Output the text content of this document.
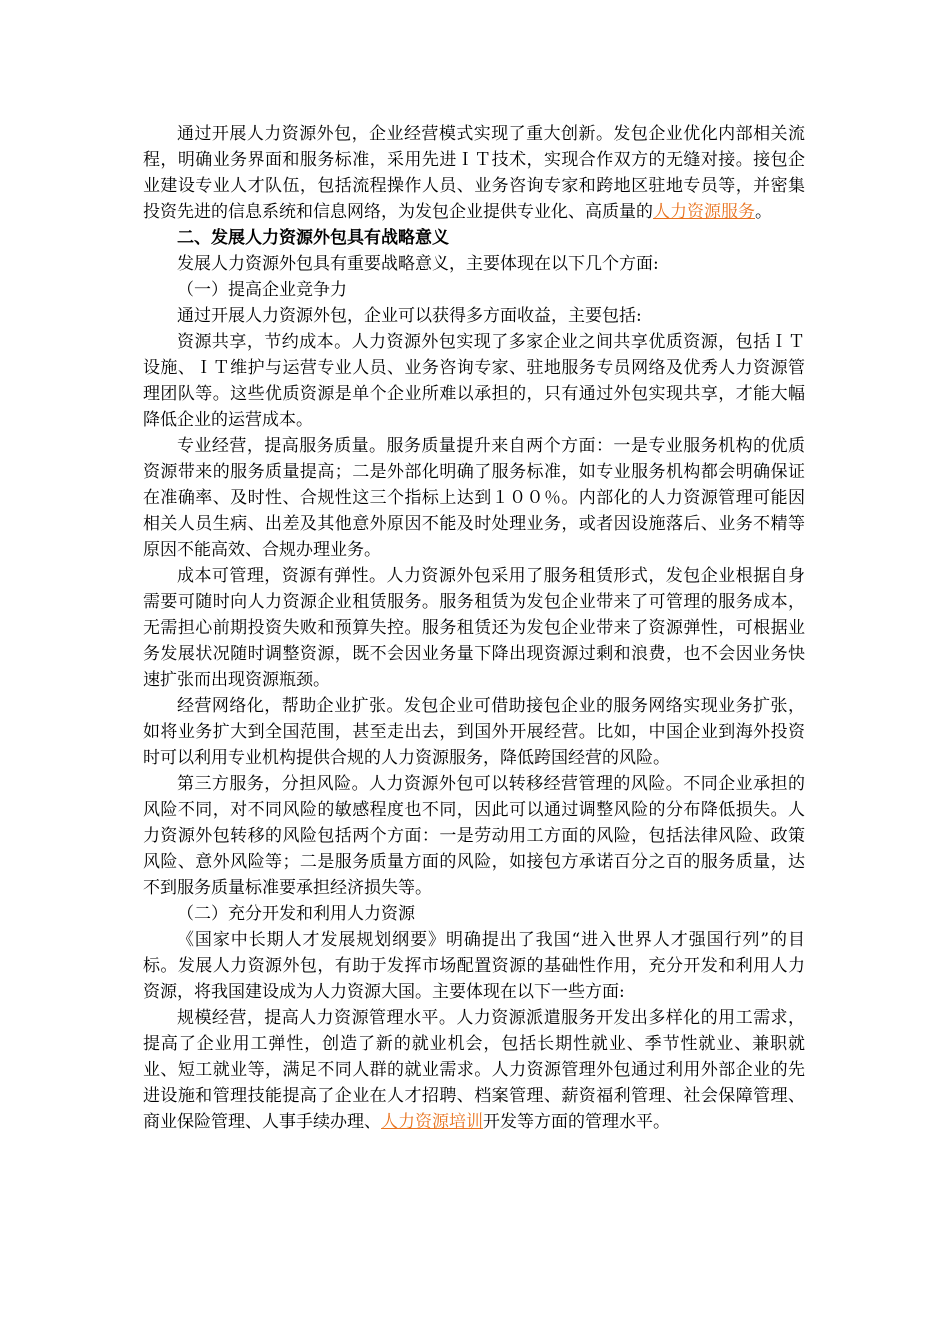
通过开展人力资源外包，企业经营模式实现了重大创新。发包企业优化内部相关流程，明确业务界面和服务标准，采用先进ＩＴ技术，实现合作双方的无缝对接。接包企业建设专业人才队伍，包括流程操作人员、业务咨询专家和跨地区驻地专员等，并密集投资先进的信息系统和信息网络，为发包企业提供专业化、高质量的人力资源服务。

二、发展人力资源外包具有战略意义

发展人力资源外包具有重要战略意义，主要体现在以下几个方面:

（一）提高企业竞争力

通过开展人力资源外包，企业可以获得多方面收益，主要包括:

资源共享，节约成本。人力资源外包实现了多家企业之间共享优质资源，包括ＩＴ设施、ＩＴ维护与运营专业人员、业务咨询专家、驻地服务专员网络及优秀人力资源管理团队等。这些优质资源是单个企业所难以承担的，只有通过外包实现共享，才能大幅降低企业的运营成本。

专业经营，提高服务质量。服务质量提升来自两个方面：一是专业服务机构的优质资源带来的服务质量提高；二是外部化明确了服务标准，如专业服务机构都会明确保证在准确率、及时性、合规性这三个指标上达到１００％。内部化的人力资源管理可能因相关人员生病、出差及其他意外原因不能及时处理业务，或者因设施落后、业务不精等原因不能高效、合规办理业务。

成本可管理，资源有弹性。人力资源外包采用了服务租赁形式，发包企业根据自身需要可随时向人力资源企业租赁服务。服务租赁为发包企业带来了可管理的服务成本，无需担心前期投资失败和预算失控。服务租赁还为发包企业带来了资源弹性，可根据业务发展状况随时调整资源，既不会因业务量下降出现资源过剩和浪费，也不会因业务快速扩张而出现资源瓶颈。

经营网络化，帮助企业扩张。发包企业可借助接包企业的服务网络实现业务扩张，如将业务扩大到全国范围，甚至走出去，到国外开展经营。比如，中国企业到海外投资时可以利用专业机构提供合规的人力资源服务，降低跨国经营的风险。

第三方服务，分担风险。人力资源外包可以转移经营管理的风险。不同企业承担的风险不同，对不同风险的敏感程度也不同，因此可以通过调整风险的分布降低损失。人力资源外包转移的风险包括两个方面：一是劳动用工方面的风险，包括法律风险、政策风险、意外风险等；二是服务质量方面的风险，如接包方承诺百分之百的服务质量，达不到服务质量标准要承担经济损失等。

（二）充分开发和利用人力资源

《国家中长期人才发展规划纲要》明确提出了我国“进入世界人才强国行列”的目标。发展人力资源外包，有助于发挥市场配置资源的基础性作用，充分开发和利用人力资源，将我国建设成为人力资源大国。主要体现在以下一些方面:

规模经营，提高人力资源管理水平。人力资源派遣服务开发出多样化的用工需求，提高了企业用工弹性，创造了新的就业机会，包括长期性就业、季节性就业、兼职就业、短工就业等，满足不同人群的就业需求。人力资源管理外包通过利用外部企业的先进设施和管理技能提高了企业在人才招聘、档案管理、薪资福利管理、社会保障管理、商业保险管理、人事手续办理、人力资源培训开发等方面的管理水平。
